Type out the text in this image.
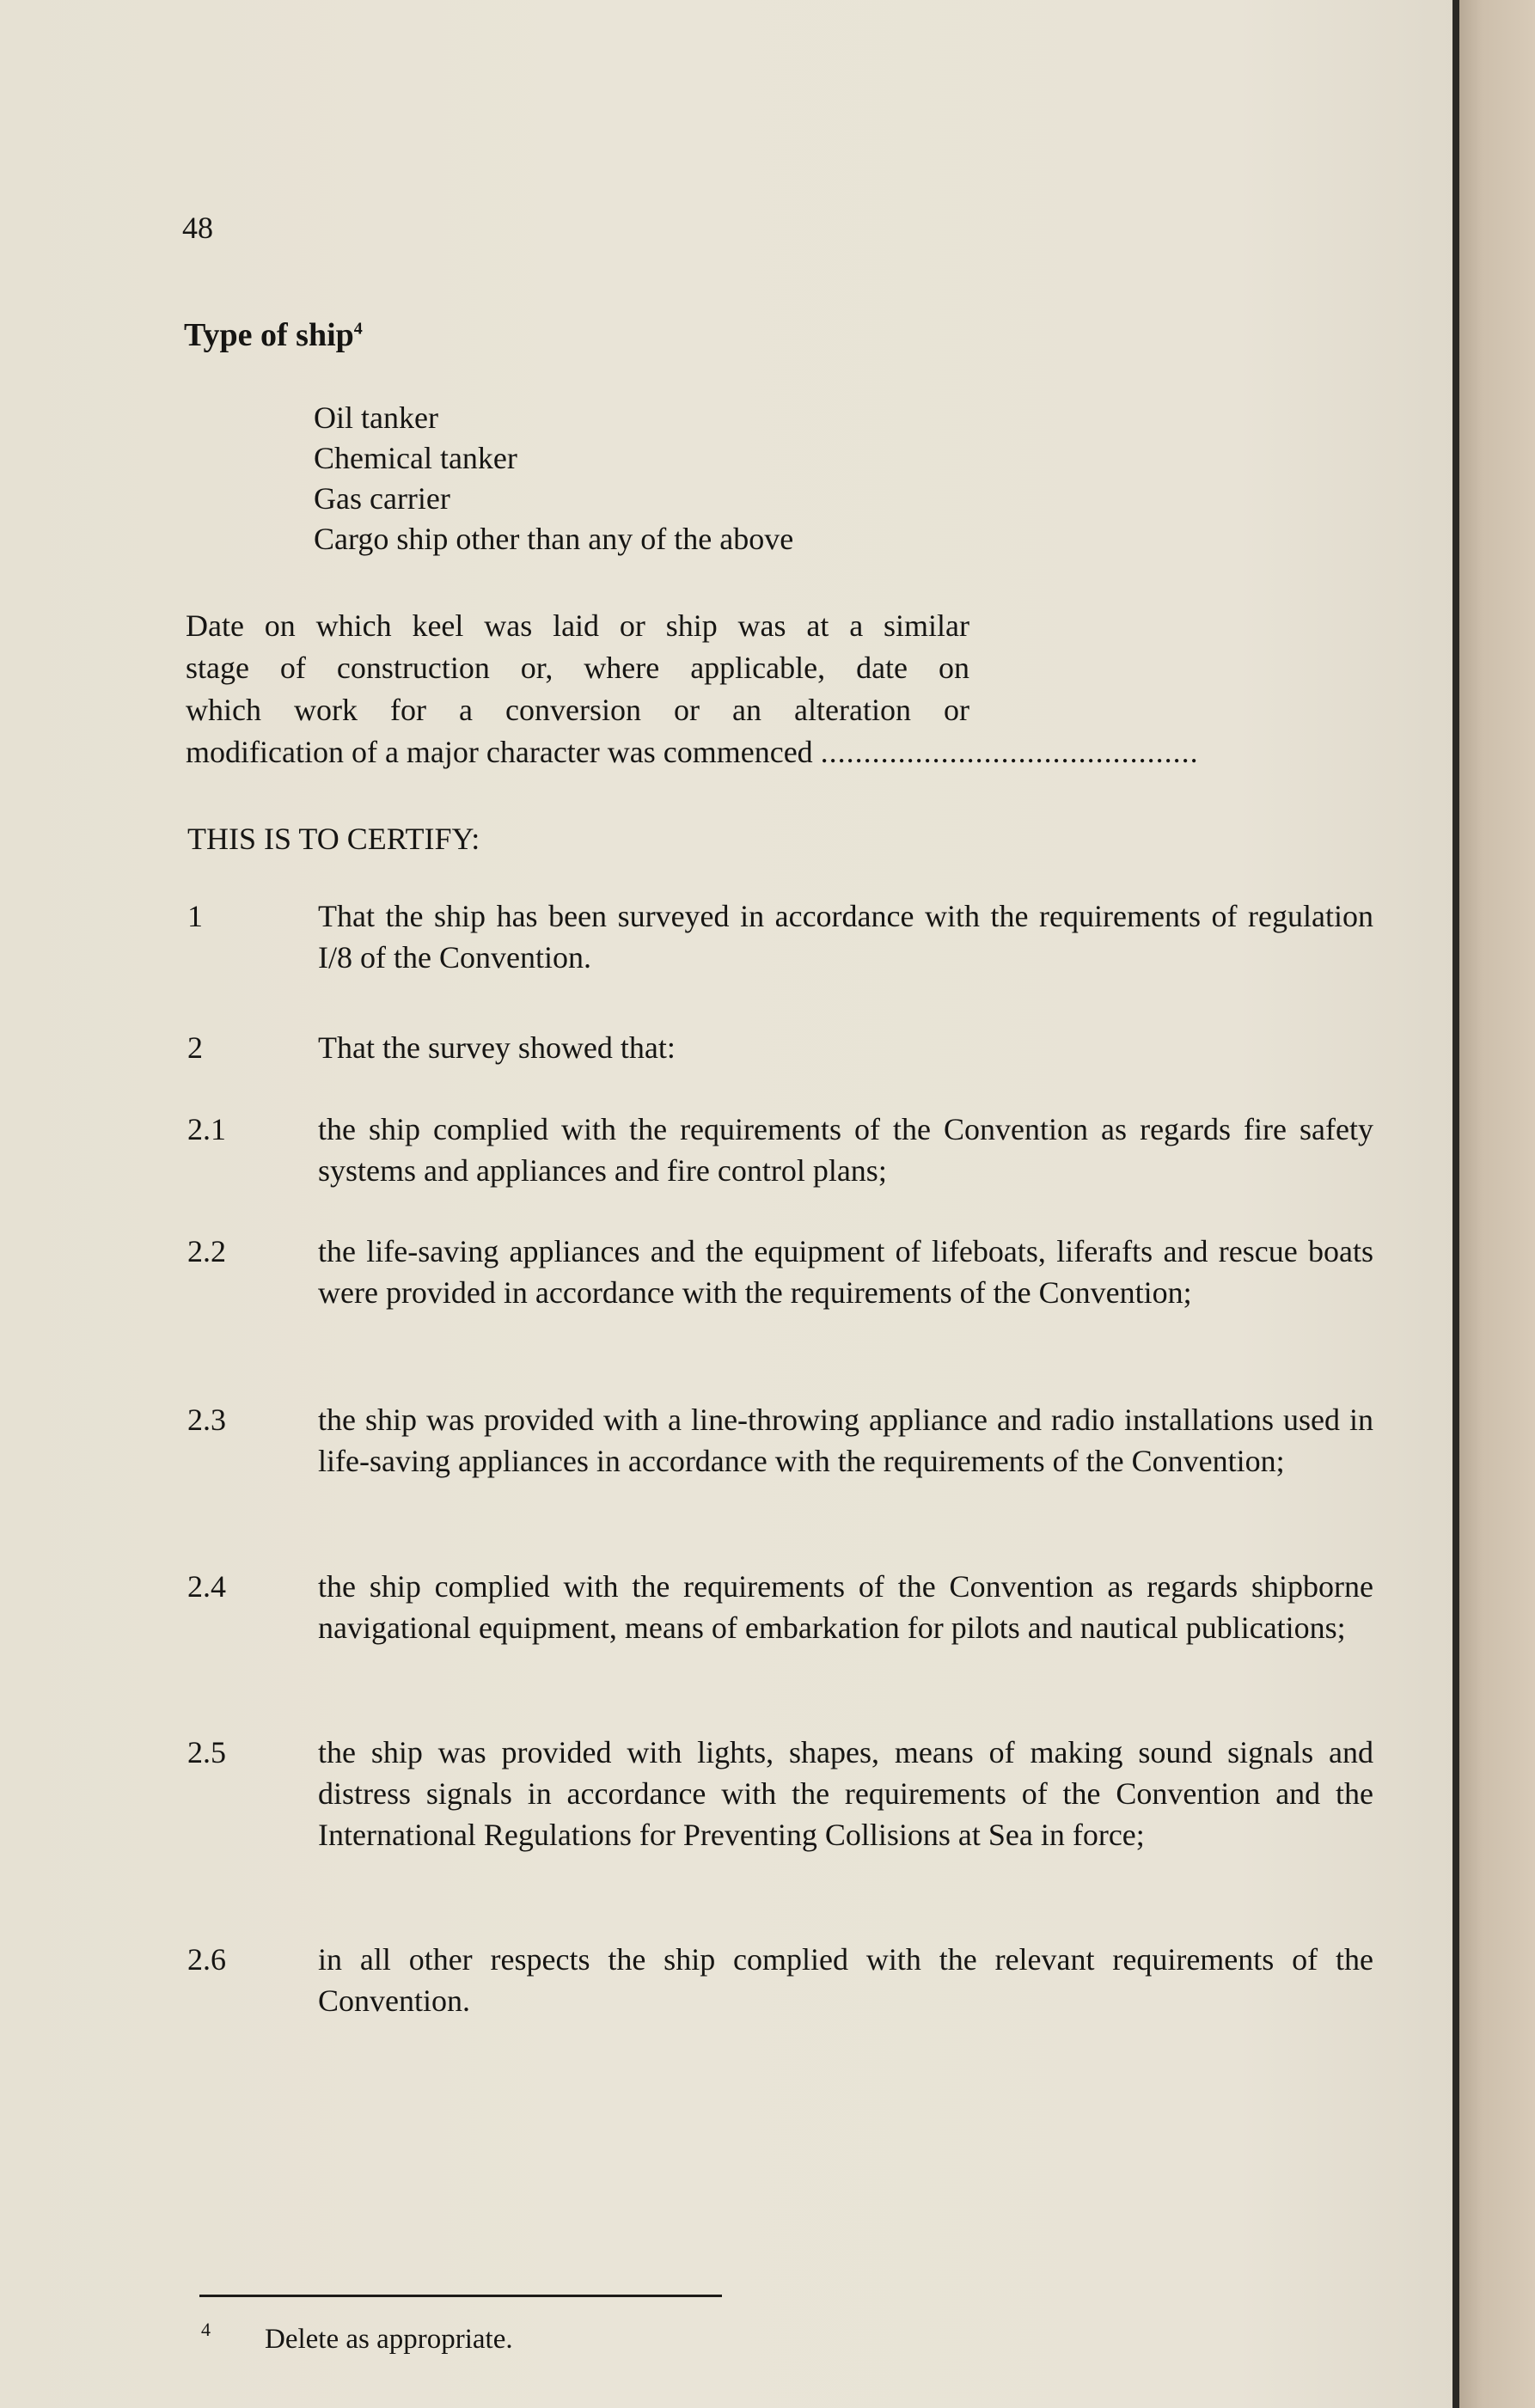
48
Type of ship$^4$
Oil tanker
Chemical tanker
Gas carrier
Cargo ship other than any of the above
Date on which keel was laid or ship was at a similar
stage of construction or, where applicable, date on
which work for a conversion or an alteration or
modification of a major character was commenced ............................................
THIS IS TO CERTIFY:
1	That the ship has been surveyed in accordance with the requirements of regulation I/8 of the Convention.
2	That the survey showed that:
2.1	the ship complied with the requirements of the Convention as regards fire safety systems and appliances and fire control plans;
2.2	the life-saving appliances and the equipment of lifeboats, liferafts and rescue boats were provided in accordance with the requirements of the Convention;
2.3	the ship was provided with a line-throwing appliance and radio installations used in life-saving appliances in accordance with the requirements of the Convention;
2.4	the ship complied with the requirements of the Convention as regards shipborne navigational equipment, means of embarkation for pilots and nautical publications;
2.5	the ship was provided with lights, shapes, means of making sound signals and distress signals in accordance with the requirements of the Convention and the International Regulations for Preventing Collisions at Sea in force;
2.6	in all other respects the ship complied with the relevant requirements of the Convention.
4 Delete as appropriate.
